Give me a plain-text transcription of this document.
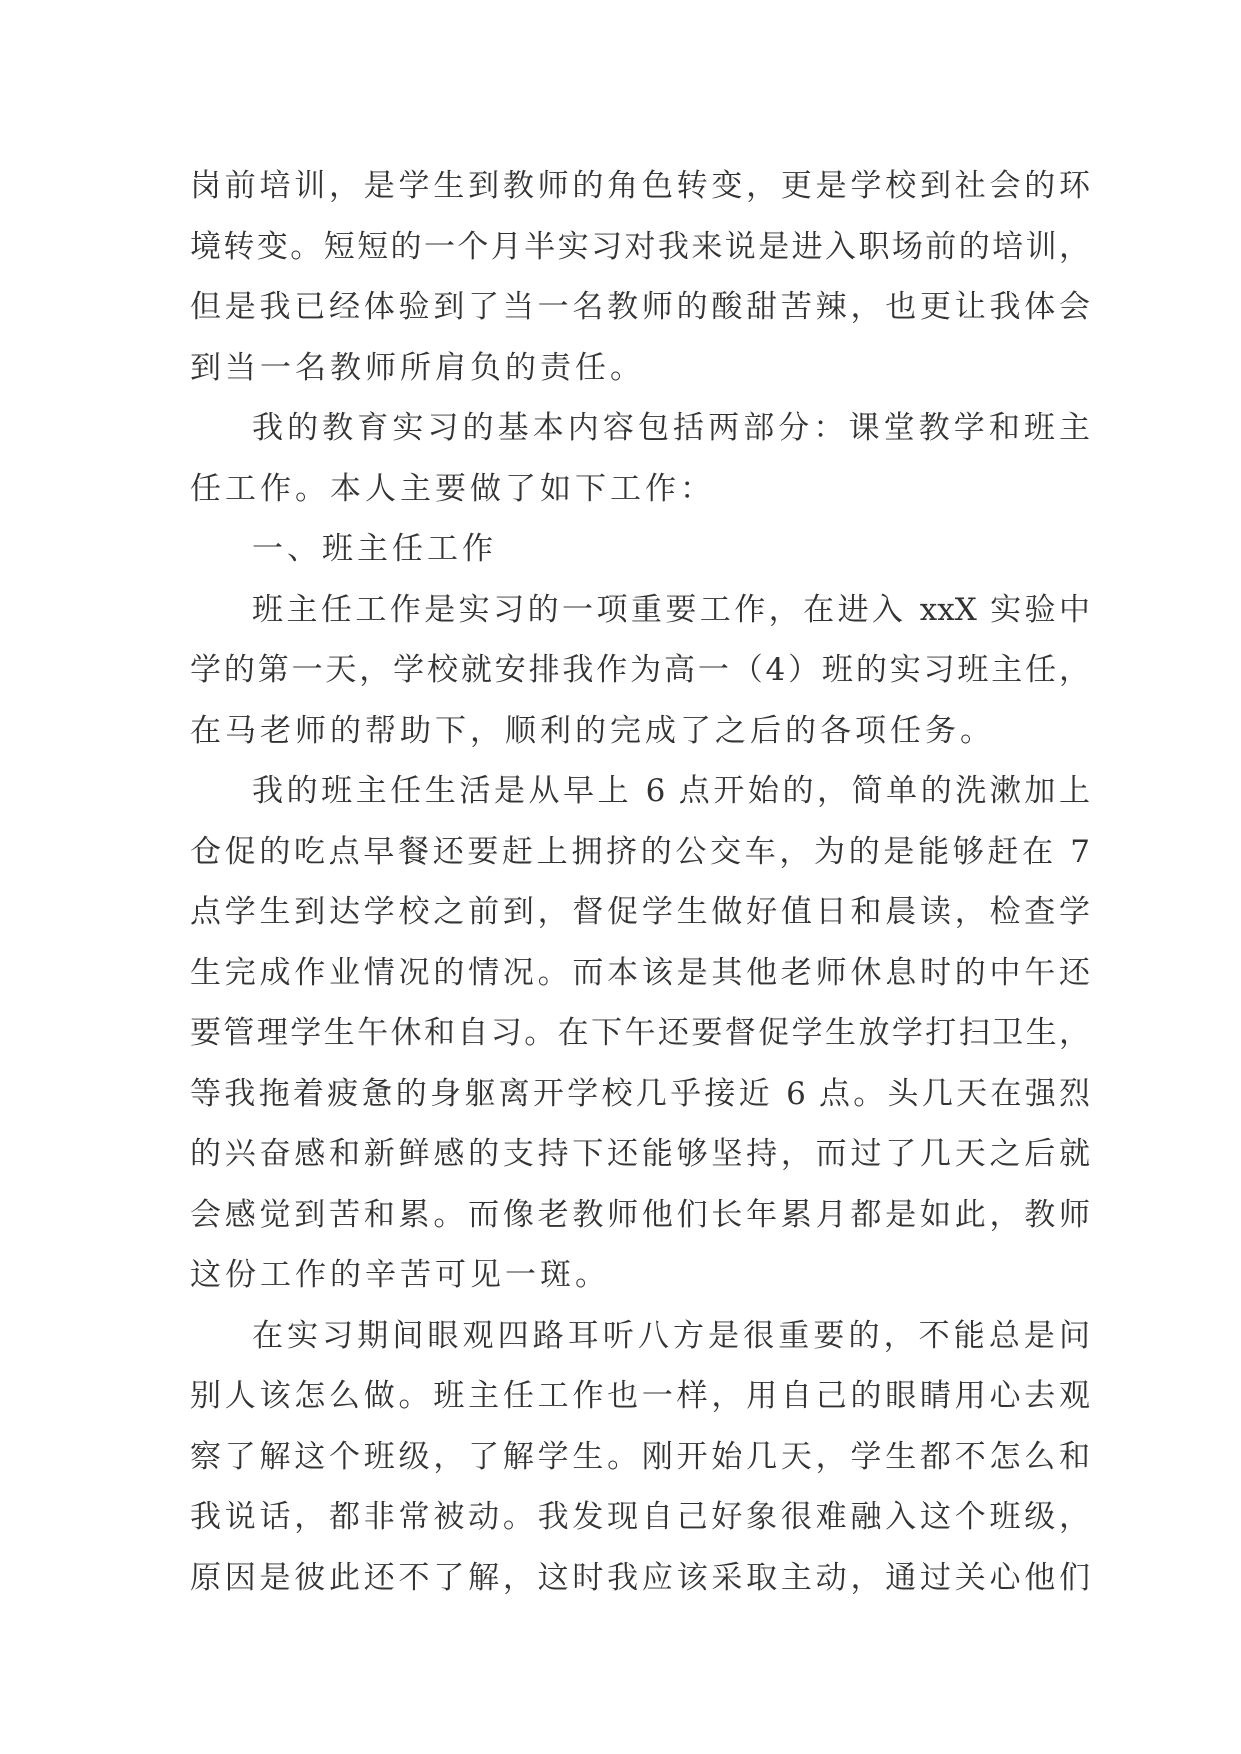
岗前培训，是学生到教师的角色转变，更是学校到社会的环
境转变。短短的一个月半实习对我来说是进入职场前的培训，
但是我已经体验到了当一名教师的酸甜苦辣，也更让我体会
到当一名教师所肩负的责任。
我的教育实习的基本内容包括两部分：课堂教学和班主
任工作。本人主要做了如下工作：
一、班主任工作
班主任工作是实习的一项重要工作，在进入 xxX 实验中
学的第一天，学校就安排我作为高一（4）班的实习班主任，
在马老师的帮助下，顺利的完成了之后的各项任务。
我的班主任生活是从早上 6 点开始的，简单的洗漱加上
仓促的吃点早餐还要赶上拥挤的公交车，为的是能够赶在 7
点学生到达学校之前到，督促学生做好值日和晨读，检查学
生完成作业情况的情况。而本该是其他老师休息时的中午还
要管理学生午休和自习。在下午还要督促学生放学打扫卫生，
等我拖着疲惫的身躯离开学校几乎接近 6 点。头几天在强烈
的兴奋感和新鲜感的支持下还能够坚持，而过了几天之后就
会感觉到苦和累。而像老教师他们长年累月都是如此，教师
这份工作的辛苦可见一斑。
在实习期间眼观四路耳听八方是很重要的，不能总是问
别人该怎么做。班主任工作也一样，用自己的眼睛用心去观
察了解这个班级，了解学生。刚开始几天，学生都不怎么和
我说话，都非常被动。我发现自己好象很难融入这个班级，
原因是彼此还不了解，这时我应该采取主动，通过关心他们
